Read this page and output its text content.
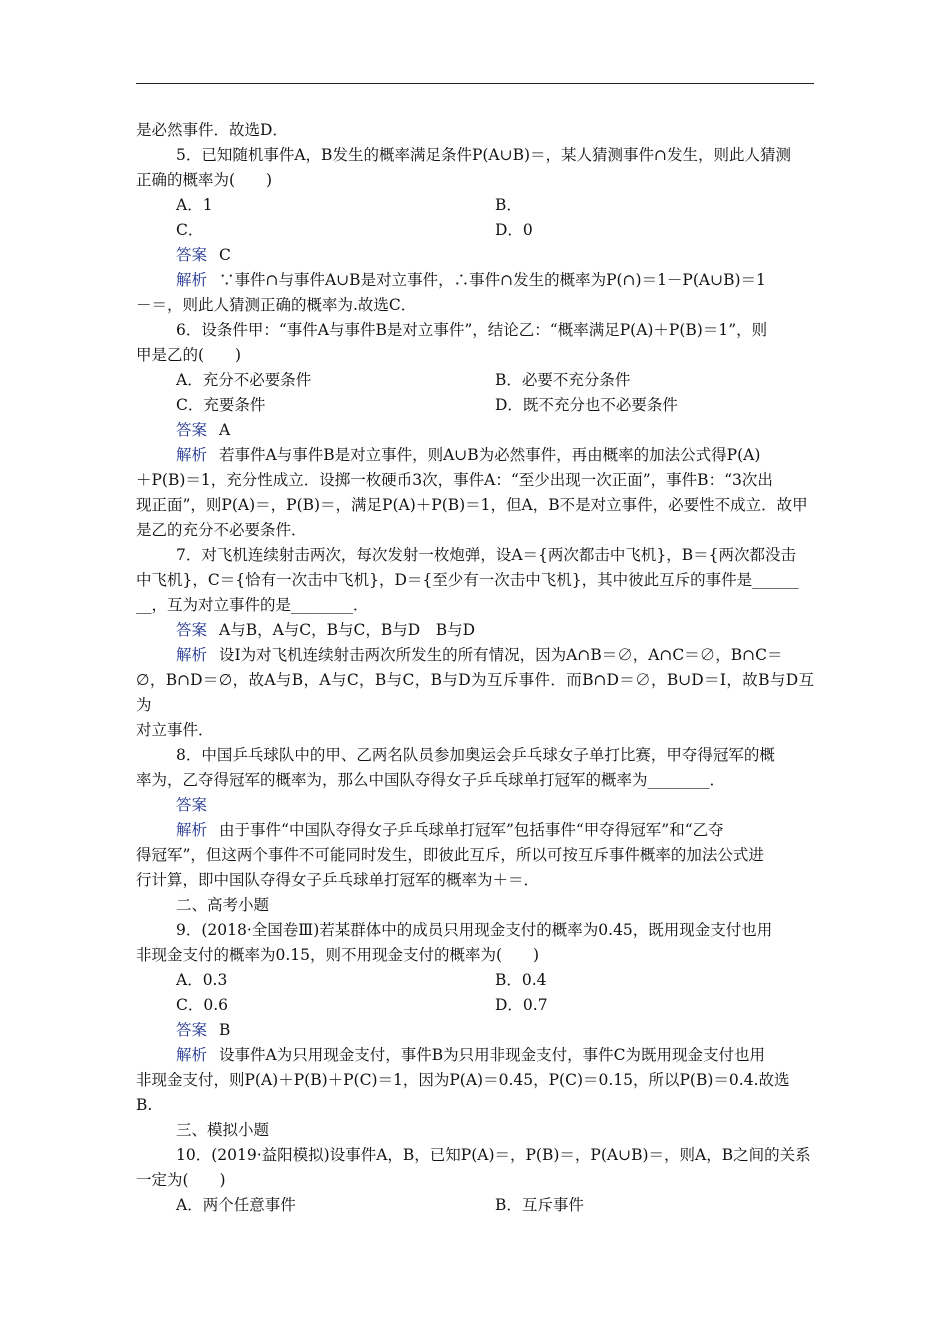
是必然事件．故选D．

5．已知随机事件A，B发生的概率满足条件P(A∪B)＝，某人猜测事件∩发生，则此人猜测

正确的概率为(　　)

A．1	B．
C．	D．0

答案 C

解析 ∵事件∩与事件A∪B是对立事件，∴事件∩发生的概率为P(∩)＝1－P(A∪B)＝1

－＝，则此人猜测正确的概率为.故选C．

6．设条件甲：“事件A与事件B是对立事件”，结论乙：“概率满足P(A)＋P(B)＝1”，则

甲是乙的(　　)

A．充分不必要条件	B．必要不充分条件
C．充要条件	D．既不充分也不必要条件

答案 A

解析 若事件A与事件B是对立事件，则A∪B为必然事件，再由概率的加法公式得P(A)

＋P(B)＝1，充分性成立．设掷一枚硬币3次，事件A：“至少出现一次正面”，事件B：“3次出

现正面”，则P(A)＝，P(B)＝，满足P(A)＋P(B)＝1，但A，B不是对立事件，必要性不成立．故甲

是乙的充分不必要条件．

7．对飞机连续射击两次，每次发射一枚炮弹，设A＝{两次都击中飞机}，B＝{两次都没击

中飞机}，C＝{恰有一次击中飞机}，D＝{至少有一次击中飞机}，其中彼此互斥的事件是______

__，互为对立事件的是________．

答案 A与B，A与C，B与C，B与D　B与D

解析 设I为对飞机连续射击两次所发生的所有情况，因为A∩B＝∅，A∩C＝∅，B∩C＝

∅，B∩D＝∅，故A与B，A与C，B与C，B与D为互斥事件．而B∩D＝∅，B∪D＝I，故B与D互为

对立事件．

8．中国乒乓球队中的甲、乙两名队员参加奥运会乒乓球女子单打比赛，甲夺得冠军的概

率为，乙夺得冠军的概率为，那么中国队夺得女子乒乓球单打冠军的概率为________．

答案

解析 由于事件“中国队夺得女子乒乓球单打冠军”包括事件“甲夺得冠军”和“乙夺

得冠军”，但这两个事件不可能同时发生，即彼此互斥，所以可按互斥事件概率的加法公式进

行计算，即中国队夺得女子乒乓球单打冠军的概率为＋＝．

二、高考小题

9．(2018·全国卷Ⅲ)若某群体中的成员只用现金支付的概率为0.45，既用现金支付也用

非现金支付的概率为0.15，则不用现金支付的概率为(　　)

A．0.3	B．0.4
C．0.6	D．0.7

答案 B

解析 设事件A为只用现金支付，事件B为只用非现金支付，事件C为既用现金支付也用

非现金支付，则P(A)＋P(B)＋P(C)＝1，因为P(A)＝0.45，P(C)＝0.15，所以P(B)＝0.4.故选

B.

三、模拟小题

10．(2019·益阳模拟)设事件A，B，已知P(A)＝，P(B)＝，P(A∪B)＝，则A，B之间的关系

一定为(　　)

A．两个任意事件	B．互斥事件
